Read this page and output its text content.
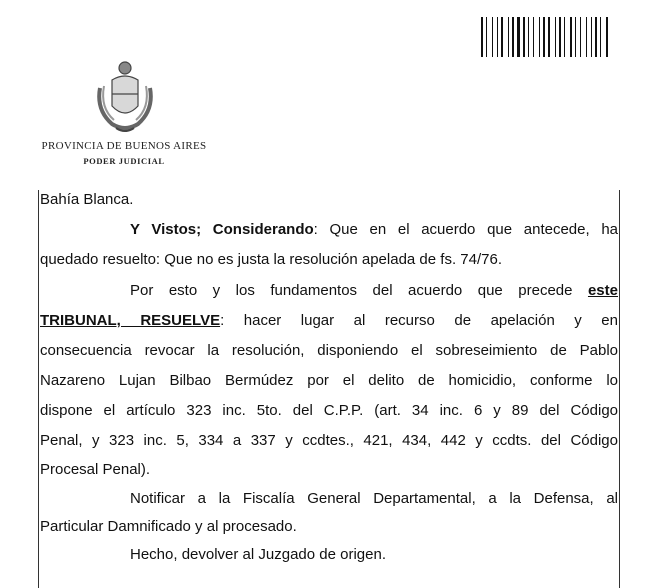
PROVINCIA DE BUENOS AIRES
PODER JUDICIAL
Bahía Blanca.
Y Vistos; Considerando: Que en el acuerdo que antecede, ha
quedado resuelto: Que no es justa la resolución apelada de fs. 74/76.
Por esto y los fundamentos del acuerdo que precede este
TRIBUNAL, RESUELVE: hacer lugar al recurso de apelación y en
consecuencia revocar la resolución, disponiendo el sobreseimiento de Pablo
Nazareno Lujan Bilbao Bermúdez por el delito de homicidio, conforme lo
dispone el artículo 323 inc. 5to. del C.P.P. (art. 34 inc. 6 y 89 del Código
Penal, y 323 inc. 5, 334 a 337 y ccdtes., 421, 434, 442 y ccdts. del Código
Procesal Penal).
Notificar a la Fiscalía General Departamental, a la Defensa, al
Particular Damnificado y al procesado.
Hecho, devolver al Juzgado de origen.
